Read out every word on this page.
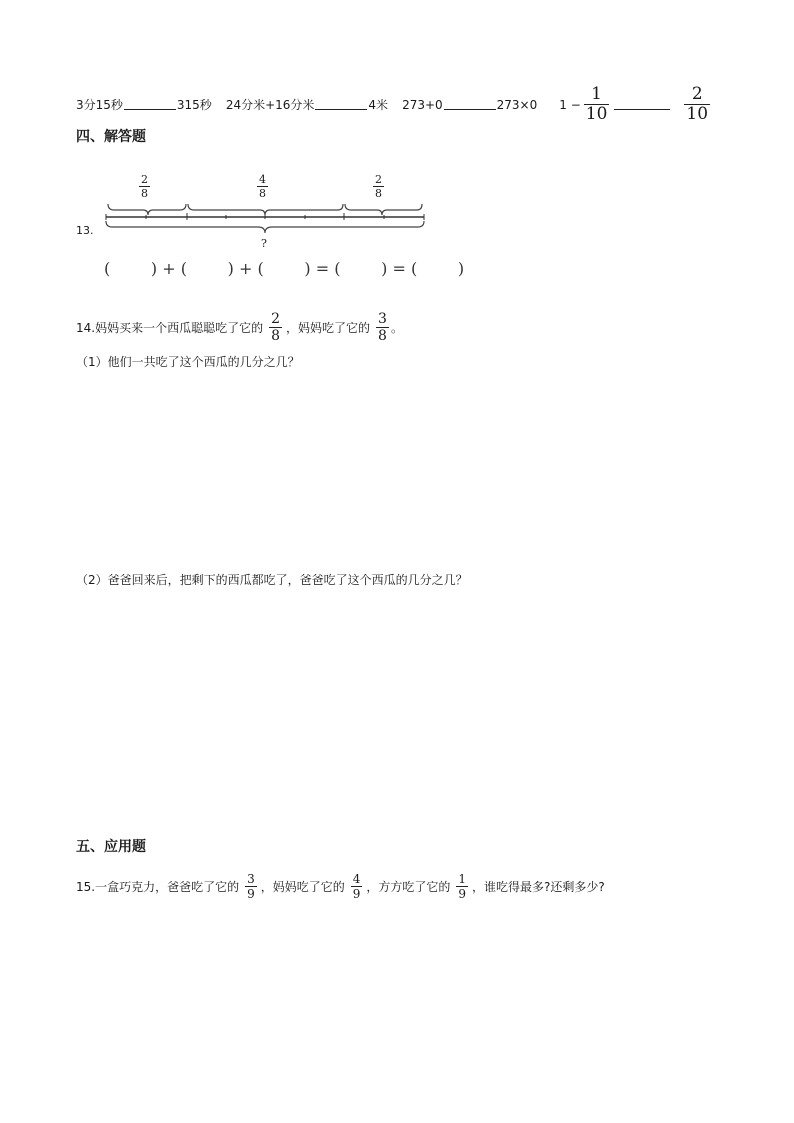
3分15秒	315秒 24分米+16分米	4米 273+0	273×0 $1 - \frac{1}{10}$	$\frac{2}{10}$
四、解答题
13.
$\frac{2}{8}$	$\frac{4}{8}$	$\frac{2}{8}$
?
(        ) + (        ) + (        ) = (        ) = (        )
14.妈妈买来一个西瓜聪聪吃了它的 $\frac{2}{8}$ ，妈妈吃了它的 $\frac{3}{8}$ 。
（1）他们一共吃了这个西瓜的几分之几？
（2）爸爸回来后，把剩下的西瓜都吃了，爸爸吃了这个西瓜的几分之几？
五、应用题
15.一盒巧克力，爸爸吃了它的 $\frac{3}{9}$ ，妈妈吃了它的 $\frac{4}{9}$ ，方方吃了它的 $\frac{1}{9}$ ，谁吃得最多?还剩多少?
